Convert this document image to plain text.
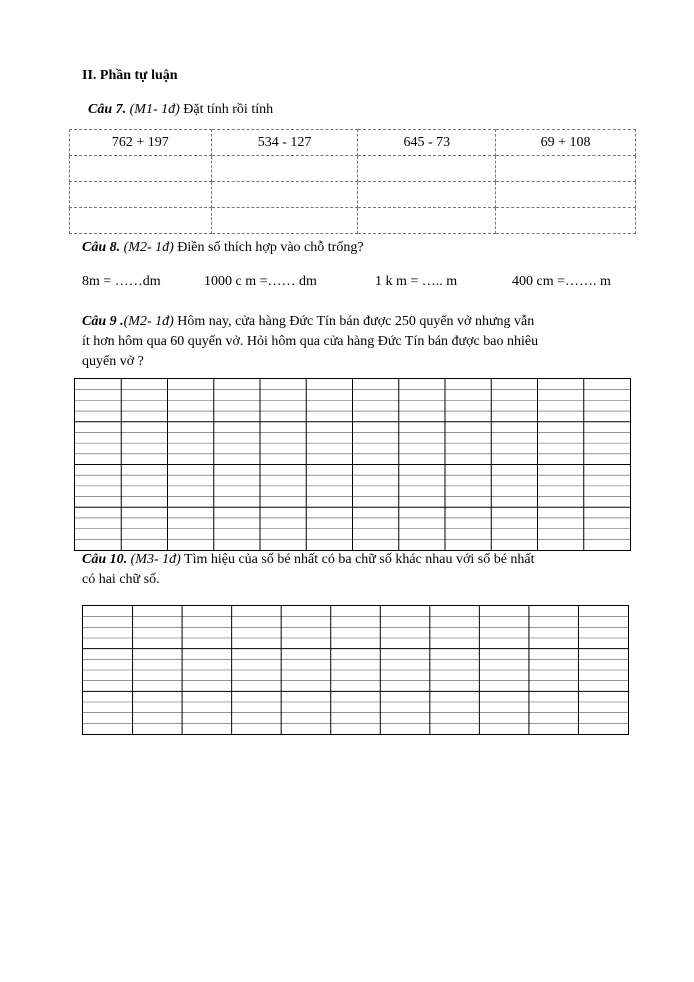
II. Phần tự luận
Câu 7. (M1- 1đ) Đặt tính rồi tính
762 + 197	534 - 127	645 - 73	69 + 108

Câu 8. (M2- 1đ) Điền số thích hợp vào chỗ trống?
8m = ……dm	1000 c m =…… dm	1 k m = ….. m	400 cm =……. m
Câu 9 .(M2- 1đ) Hôm nay, cửa hàng Đức Tín bán được 250 quyển vở nhưng vẫn
ít hơn hôm qua 60 quyển vở. Hỏi hôm qua cửa hàng Đức Tín bán được bao nhiêu
quyển vở ?
Câu 10. (M3- 1đ) Tìm hiệu của số bé nhất có ba chữ số khác nhau với số bé nhất
có hai chữ số.
